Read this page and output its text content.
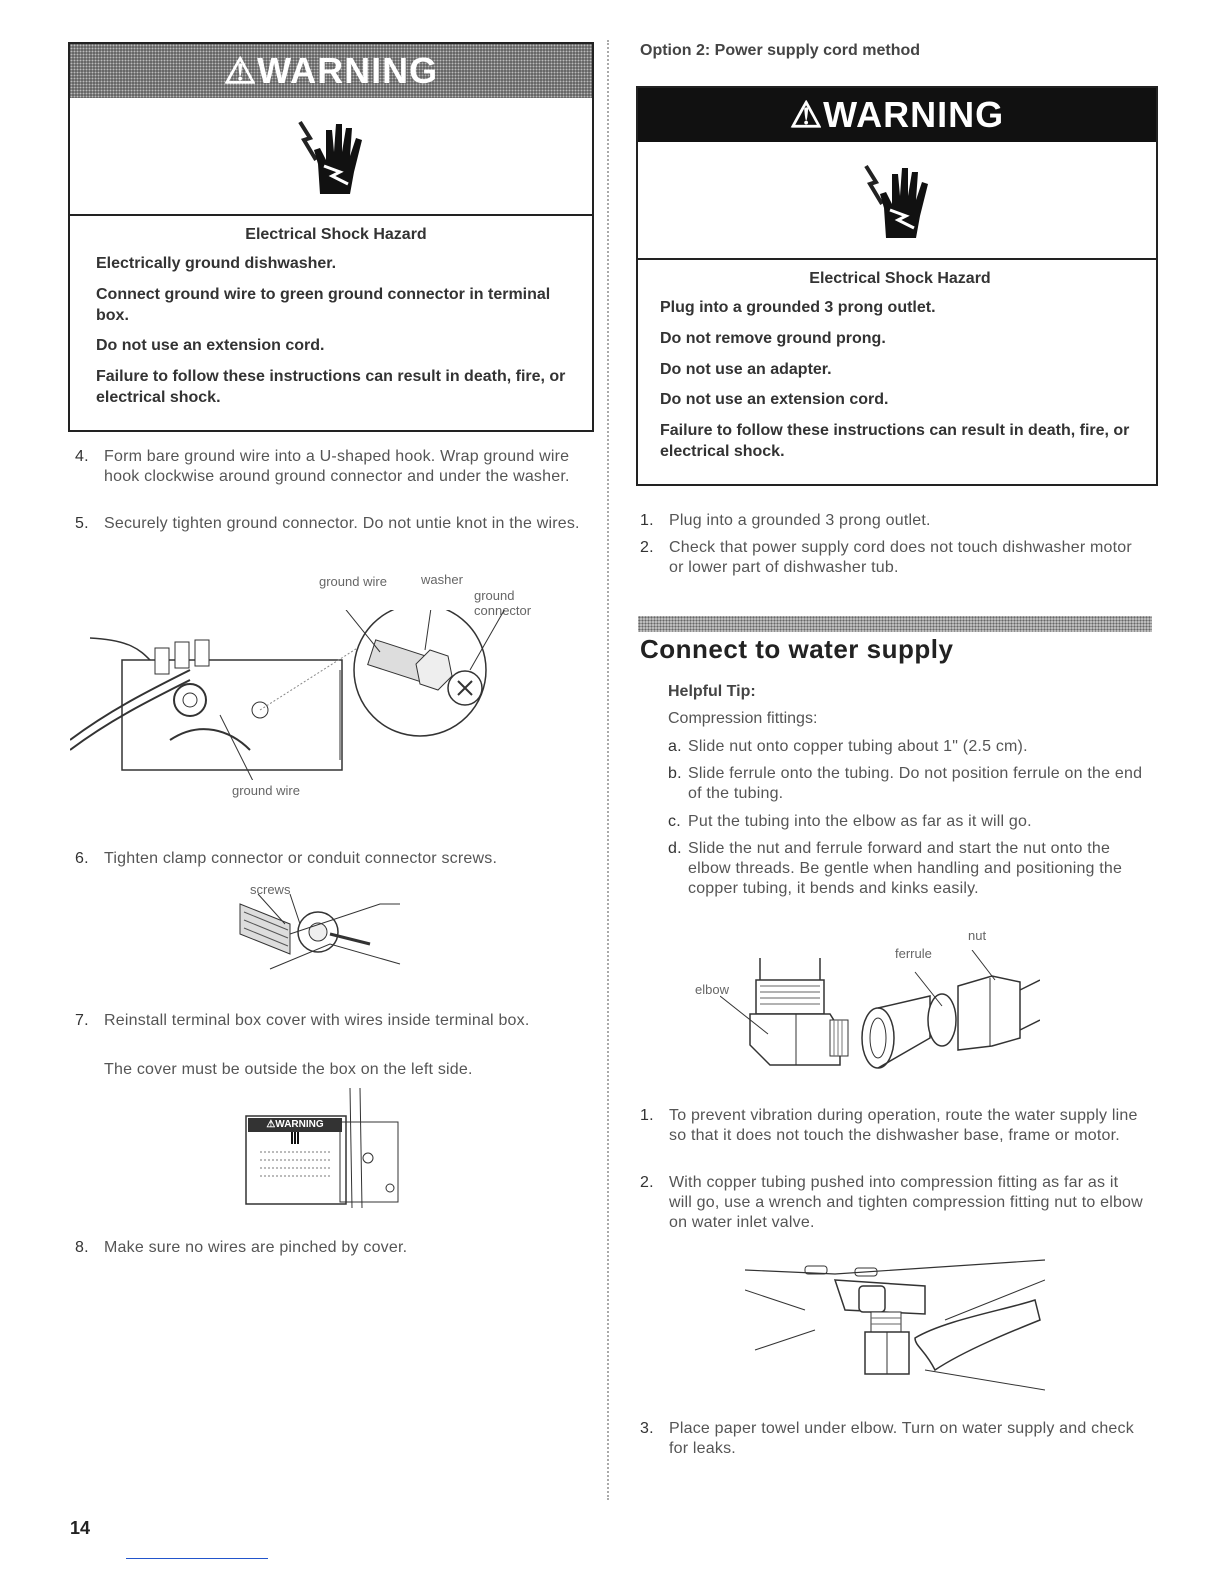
⚠WARNING
Electrical Shock Hazard

Electrically ground dishwasher.

Connect ground wire to green ground connector in terminal box.

Do not use an extension cord.

Failure to follow these instructions can result in death, fire, or electrical shock.

4. Form bare ground wire into a U-shaped hook. Wrap ground wire hook clockwise around ground connector and under the washer.
5. Securely tighten ground connector. Do not untie knot in the wires.
ground wire	washer
ground connector
ground wire
6. Tighten clamp connector or conduit connector screws.
screws
7. Reinstall terminal box cover with wires inside terminal box.
The cover must be outside the box on the left side.
⚠WARNING
8. Make sure no wires are pinched by cover.
14
Option 2: Power supply cord method
⚠WARNING
Electrical Shock Hazard

Plug into a grounded 3 prong outlet.

Do not remove ground prong.

Do not use an adapter.

Do not use an extension cord.

Failure to follow these instructions can result in death, fire, or electrical shock.

1. Plug into a grounded 3 prong outlet.
2. Check that power supply cord does not touch dishwasher motor or lower part of dishwasher tub.
Connect to water supply
Helpful Tip:
Compression fittings:
a. Slide nut onto copper tubing about 1" (2.5 cm).
b. Slide ferrule onto the tubing. Do not position ferrule on the end of the tubing.
c. Put the tubing into the elbow as far as it will go.
d. Slide the nut and ferrule forward and start the nut onto the elbow threads. Be gentle when handling and positioning the copper tubing, it bends and kinks easily.
nut
ferrule
elbow
1. To prevent vibration during operation, route the water supply line so that it does not touch the dishwasher base, frame or motor.
2. With copper tubing pushed into compression fitting as far as it will go, use a wrench and tighten compression fitting nut to elbow on water inlet valve.
3. Place paper towel under elbow. Turn on water supply and check for leaks.
